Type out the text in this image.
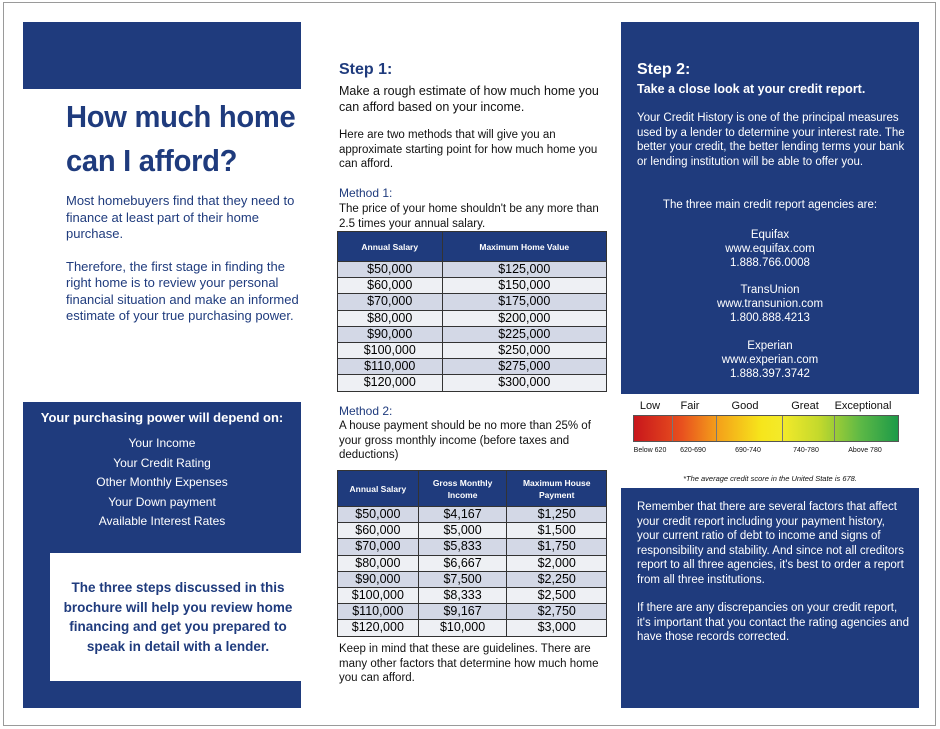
How much home
can I afford?

Most homebuyers find that they need to finance at least part of their home purchase.

Therefore, the first stage in finding the right home is to review your personal financial situation and make an informed estimate of your true purchasing power.

Your purchasing power will depend on:
Your Income
Your Credit Rating
Other Monthly Expenses
Your Down payment
Available Interest Rates
The three steps discussed in this brochure will help you review home financing and get you prepared to speak in detail with a lender.
Step 1:
Make a rough estimate of how much home you can afford based on your income.
Here are two methods that will give you an approximate starting point for how much home you can afford.
Method 1:
The price of your home shouldn't be any more than 2.5 times your annual salary.
Annual Salary	Maximum Home Value
$50,000	$125,000
$60,000	$150,000
$70,000	$175,000
$80,000	$200,000
$90,000	$225,000
$100,000	$250,000
$110,000	$275,000
$120,000	$300,000
Method 2:
A house payment should be no more than 25% of your gross monthly income (before taxes and deductions)
Annual Salary	Gross Monthly Income	Maximum House Payment
$50,000	$4,167	$1,250
$60,000	$5,000	$1,500
$70,000	$5,833	$1,750
$80,000	$6,667	$2,000
$90,000	$7,500	$2,250
$100,000	$8,333	$2,500
$110,000	$9,167	$2,750
$120,000	$10,000	$3,000
Keep in mind that these are guidelines. There are many other factors that determine how much home you can afford.
Step 2:
Take a close look at your credit report.
Your Credit History is one of the principal measures used by a lender to determine your interest rate. The better your credit, the better lending terms your bank or lending institution will be able to offer you.
The three main credit report agencies are:
Equifax
www.equifax.com
1.888.766.0008
TransUnion
www.transunion.com
1.800.888.4213
Experian
www.experian.com
1.888.397.3742
Low Fair	Good	Great Exceptional
Below 620 620-690	690-740	740-780	Above 780
*The average credit score in the United State is 678.

Remember that there are several factors that affect your credit report including your payment history, your current ratio of debt to income and signs of responsibility and stability. And since not all creditors report to all three agencies, it's best to order a report from all three institutions.

If there are any discrepancies on your credit report, it's important that you contact the rating agencies and have those records corrected.
